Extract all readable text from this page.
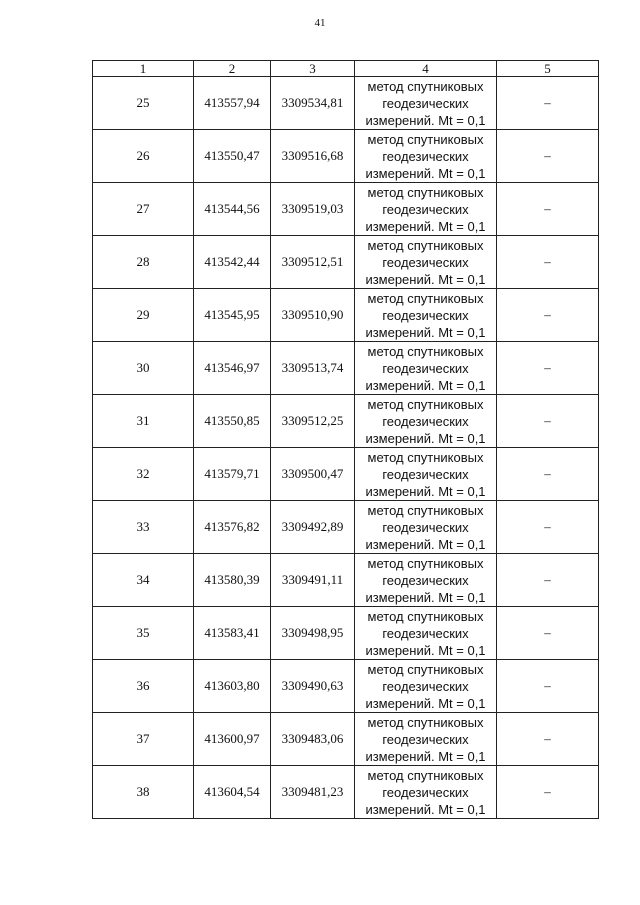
41
1	2	3	4	5
25	413557,94	3309534,81	метод спутниковых
геодезических
измерений. Mt = 0,1	–
26	413550,47	3309516,68	метод спутниковых
геодезических
измерений. Mt = 0,1	–
27	413544,56	3309519,03	метод спутниковых
геодезических
измерений. Mt = 0,1	–
28	413542,44	3309512,51	метод спутниковых
геодезических
измерений. Mt = 0,1	–
29	413545,95	3309510,90	метод спутниковых
геодезических
измерений. Mt = 0,1	–
30	413546,97	3309513,74	метод спутниковых
геодезических
измерений. Mt = 0,1	–
31	413550,85	3309512,25	метод спутниковых
геодезических
измерений. Mt = 0,1	–
32	413579,71	3309500,47	метод спутниковых
геодезических
измерений. Mt = 0,1	–
33	413576,82	3309492,89	метод спутниковых
геодезических
измерений. Mt = 0,1	–
34	413580,39	3309491,11	метод спутниковых
геодезических
измерений. Mt = 0,1	–
35	413583,41	3309498,95	метод спутниковых
геодезических
измерений. Mt = 0,1	–
36	413603,80	3309490,63	метод спутниковых
геодезических
измерений. Mt = 0,1	–
37	413600,97	3309483,06	метод спутниковых
геодезических
измерений. Mt = 0,1	–
38	413604,54	3309481,23	метод спутниковых
геодезических
измерений. Mt = 0,1	–
